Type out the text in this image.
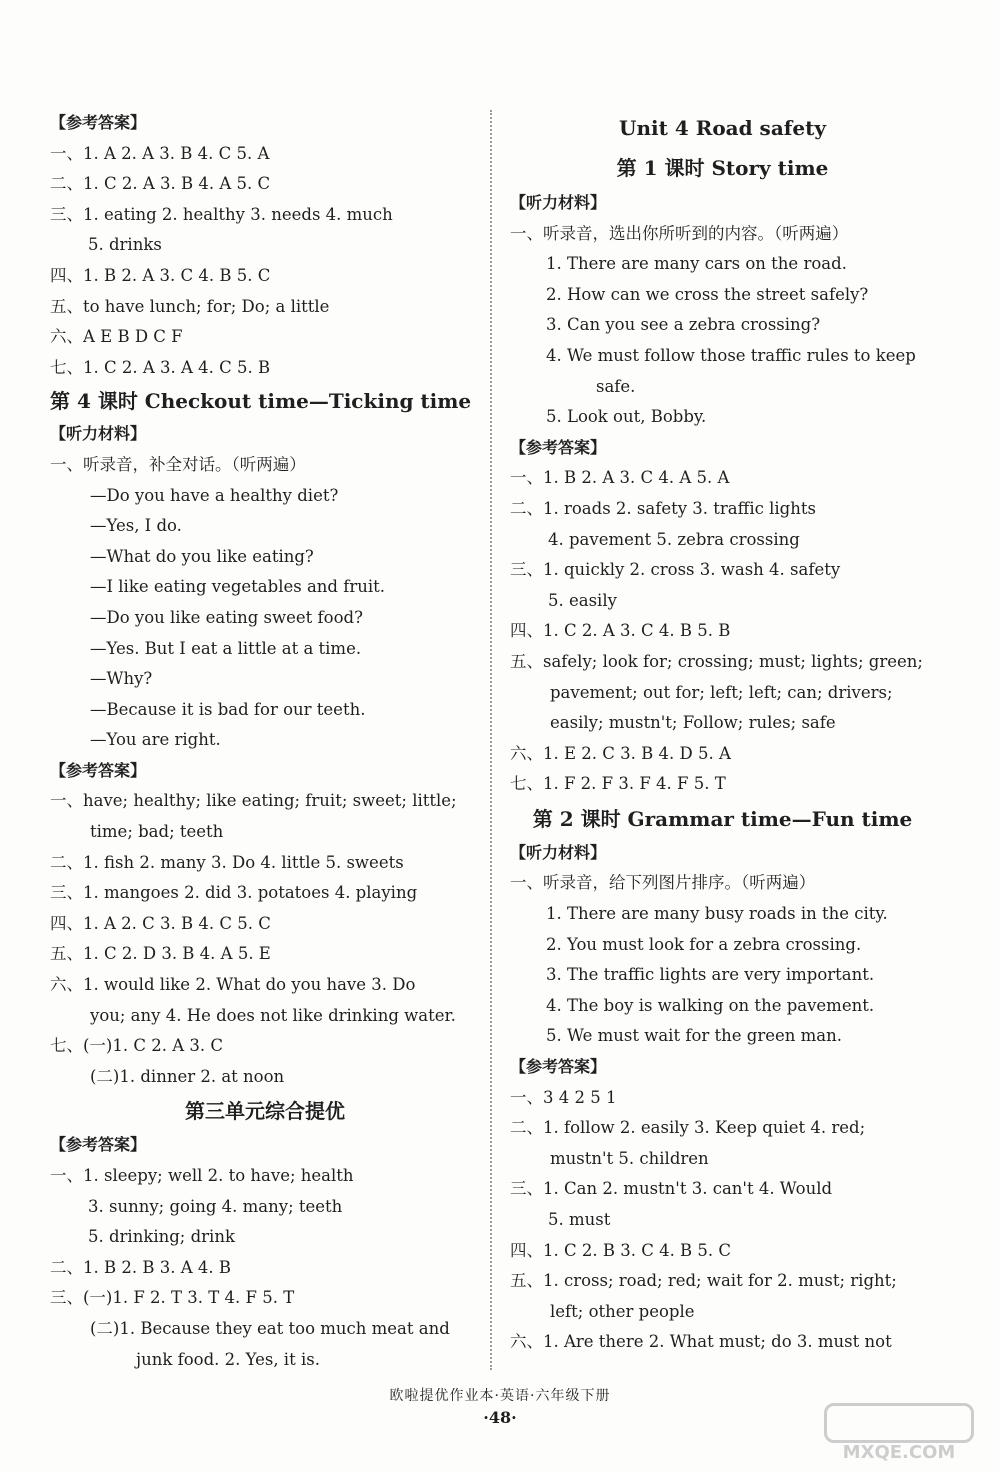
【参考答案】
一、1. A 2. A 3. B 4. C 5. A
二、1. C 2. A 3. B 4. A 5. C
三、1. eating 2. healthy 3. needs 4. much
5. drinks
四、1. B 2. A 3. C 4. B 5. C
五、to have lunch; for; Do; a little
六、A E B D C F
七、1. C 2. A 3. A 4. C 5. B
第 4 课时 Checkout time—Ticking time
【听力材料】
一、听录音，补全对话。（听两遍）
—Do you have a healthy diet?
—Yes, I do.
—What do you like eating?
—I like eating vegetables and fruit.
—Do you like eating sweet food?
—Yes. But I eat a little at a time.
—Why?
—Because it is bad for our teeth.
—You are right.
【参考答案】
一、have; healthy; like eating; fruit; sweet; little;
time; bad; teeth
二、1. fish 2. many 3. Do 4. little 5. sweets
三、1. mangoes 2. did 3. potatoes 4. playing
四、1. A 2. C 3. B 4. C 5. C
五、1. C 2. D 3. B 4. A 5. E
六、1. would like 2. What do you have 3. Do
you; any 4. He does not like drinking water.
七、(一)1. C 2. A 3. C
(二)1. dinner 2. at noon
第三单元综合提优
【参考答案】
一、1. sleepy; well 2. to have; health
3. sunny; going 4. many; teeth
5. drinking; drink
二、1. B 2. B 3. A 4. B
三、(一)1. F 2. T 3. T 4. F 5. T
(二)1. Because they eat too much meat and
junk food. 2. Yes, it is.
Unit 4 Road safety
第 1 课时 Story time
【听力材料】
一、听录音，选出你所听到的内容。（听两遍）
1. There are many cars on the road.
2. How can we cross the street safely?
3. Can you see a zebra crossing?
4. We must follow those traffic rules to keep
safe.
5. Look out, Bobby.
【参考答案】
一、1. B 2. A 3. C 4. A 5. A
二、1. roads 2. safety 3. traffic lights
4. pavement 5. zebra crossing
三、1. quickly 2. cross 3. wash 4. safety
5. easily
四、1. C 2. A 3. C 4. B 5. B
五、safely; look for; crossing; must; lights; green;
pavement; out for; left; left; can; drivers;
easily; mustn't; Follow; rules; safe
六、1. E 2. C 3. B 4. D 5. A
七、1. F 2. F 3. F 4. F 5. T
第 2 课时 Grammar time—Fun time
【听力材料】
一、听录音，给下列图片排序。（听两遍）
1. There are many busy roads in the city.
2. You must look for a zebra crossing.
3. The traffic lights are very important.
4. The boy is walking on the pavement.
5. We must wait for the green man.
【参考答案】
一、3 4 2 5 1
二、1. follow 2. easily 3. Keep quiet 4. red;
mustn't 5. children
三、1. Can 2. mustn't 3. can't 4. Would
5. must
四、1. C 2. B 3. C 4. B 5. C
五、1. cross; road; red; wait for 2. must; right;
left; other people
六、1. Are there 2. What must; do 3. must not
欧啦提优作业本·英语·六年级下册
·48·
MXQE.COM
